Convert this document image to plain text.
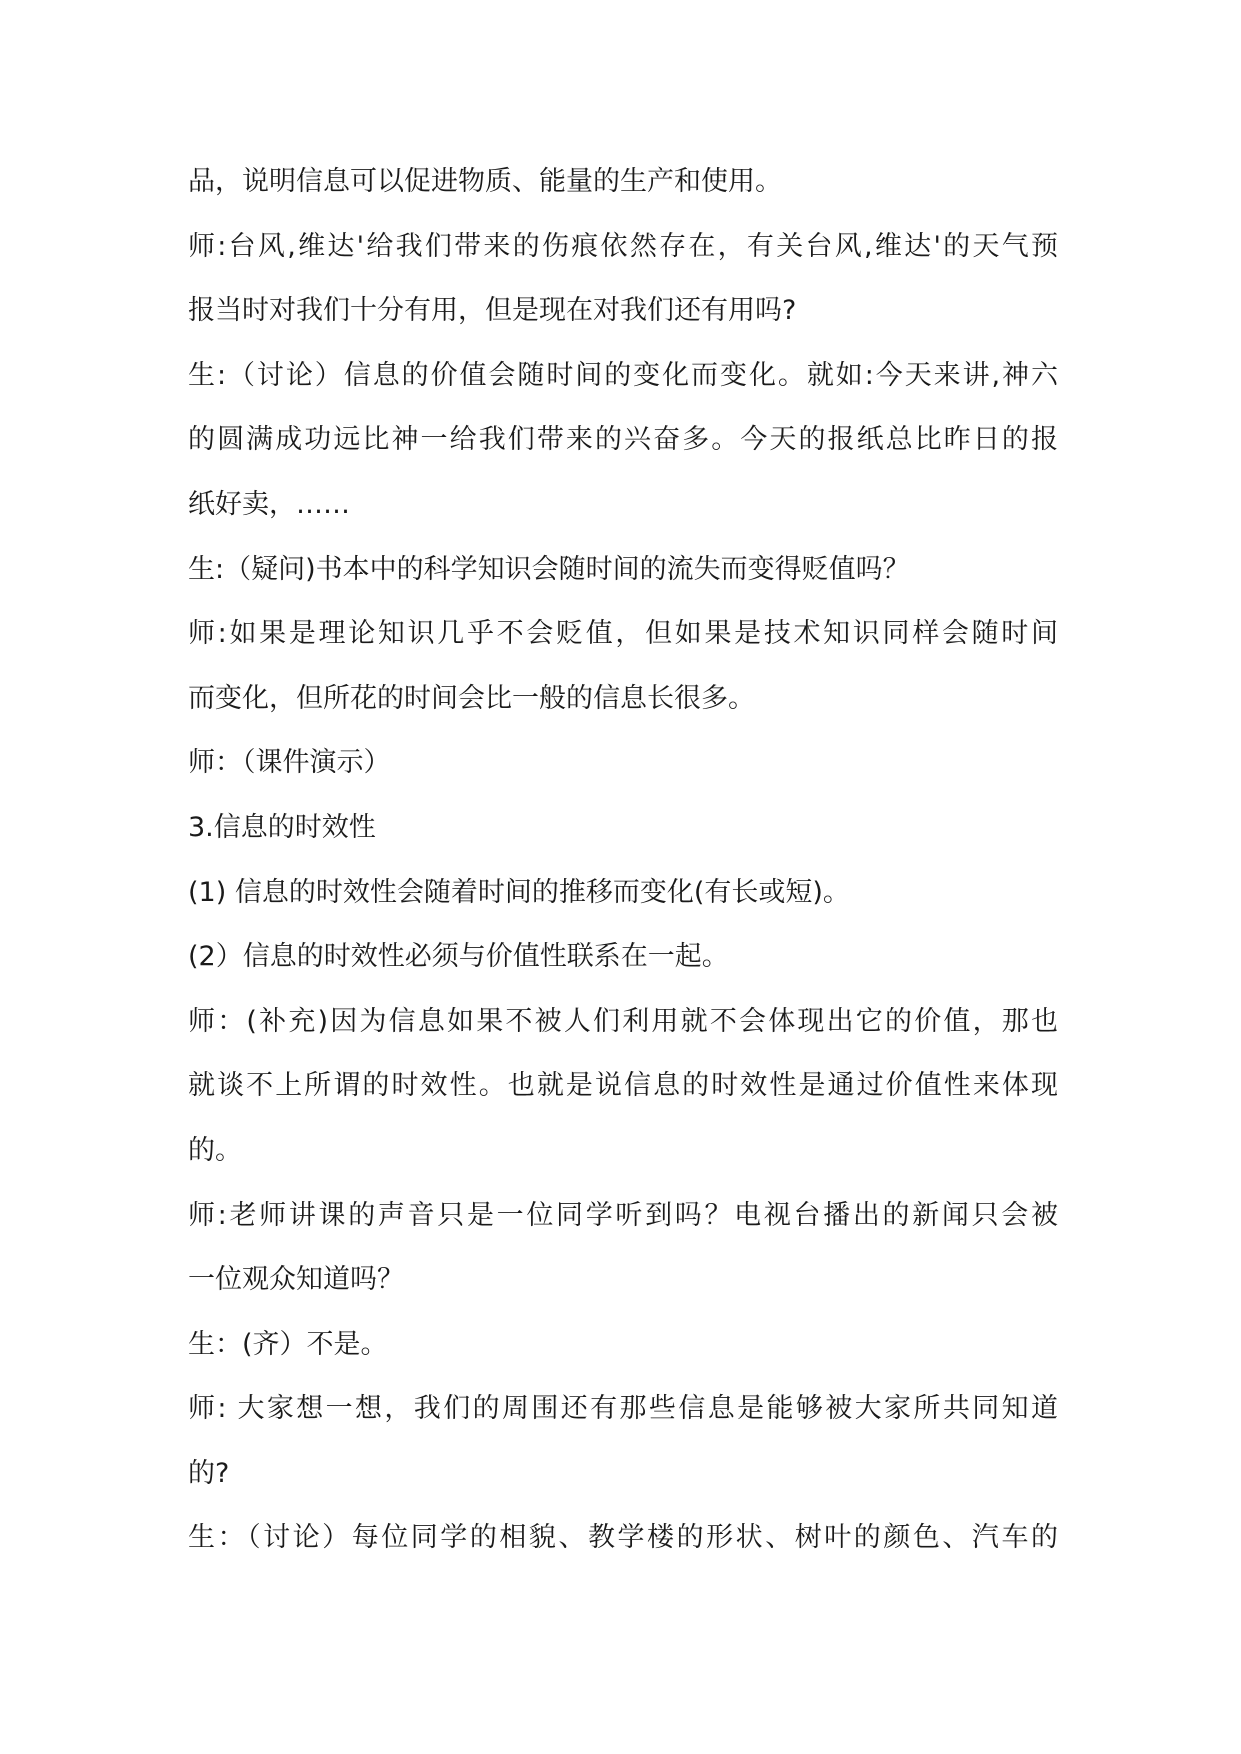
品，说明信息可以促进物质、能量的生产和使用。
师:台风,维达'给我们带来的伤痕依然存在，有关台风,维达'的天气预
报当时对我们十分有用，但是现在对我们还有用吗?
生:（讨论）信息的价值会随时间的变化而变化。就如:今天来讲,神六
的圆满成功远比神一给我们带来的兴奋多。今天的报纸总比昨日的报
纸好卖，……
生:（疑问)书本中的科学知识会随时间的流失而变得贬值吗？
师:如果是理论知识几乎不会贬值，但如果是技术知识同样会随时间
而变化，但所花的时间会比一般的信息长很多。
师：（课件演示）
3.信息的时效性
(1) 信息的时效性会随着时间的推移而变化(有长或短)。
(2）信息的时效性必须与价值性联系在一起。
师：(补充)因为信息如果不被人们利用就不会体现出它的价值，那也
就谈不上所谓的时效性。也就是说信息的时效性是通过价值性来体现
的。
师:老师讲课的声音只是一位同学听到吗？电视台播出的新闻只会被
一位观众知道吗？
生：(齐）不是。
师: 大家想一想，我们的周围还有那些信息是能够被大家所共同知道
的?
生：（讨论）每位同学的相貌、教学楼的形状、树叶的颜色、汽车的
